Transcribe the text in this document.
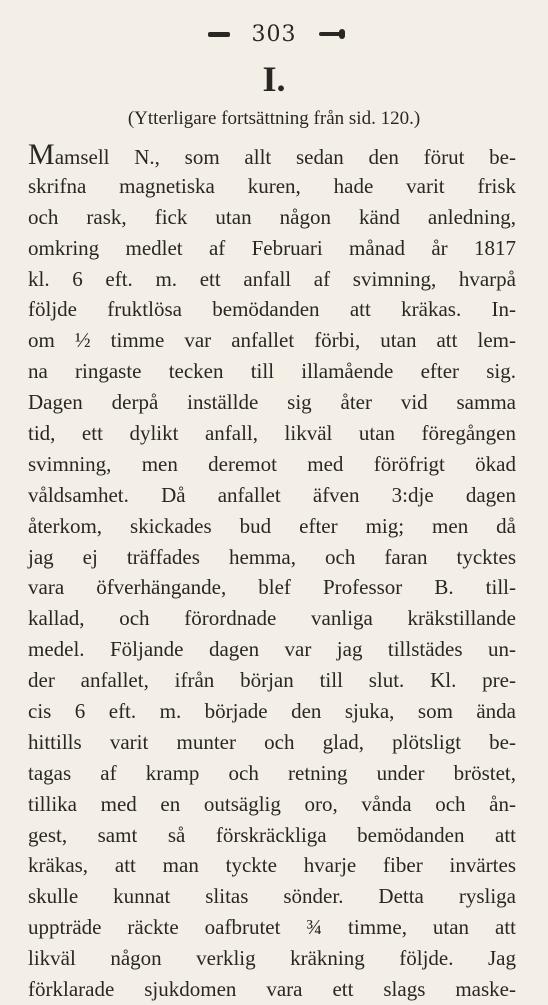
303
I.
(Ytterligare fortsättning från sid. 120.)
Mamsell N., som allt sedan den förut be-
skrifna magnetiska kuren, hade varit frisk
och rask, fick utan någon känd anledning,
omkring medlet af Februari månad år 1817
kl. 6 eft. m. ett anfall af svimning, hvarpå
följde fruktlösa bemödanden att kräkas. In-
om ½ timme var anfallet förbi, utan att lem-
na ringaste tecken till illamående efter sig.
Dagen derpå inställde sig åter vid samma
tid, ett dylikt anfall, likväl utan föregången
svimning, men deremot med föröfrigt ökad
våldsamhet. Då anfallet äfven 3:dje dagen
återkom, skickades bud efter mig; men då
jag ej träffades hemma, och faran tycktes
vara öfverhängande, blef Professor B. till-
kallad, och förordnade vanliga kräkstillande
medel. Följande dagen var jag tillstädes un-
der anfallet, ifrån början till slut. Kl. pre-
cis 6 eft. m. började den sjuka, som ända
hittills varit munter och glad, plötsligt be-
tagas af kramp och retning under bröstet,
tillika med en outsäglig oro, vånda och ån-
gest, samt så förskräckliga bemödanden att
kräkas, att man tyckte hvarje fiber invärtes
skulle kunnat slitas sönder. Detta rysliga
uppträde räckte oafbrutet ¾ timme, utan att
likväl någon verklig kräkning följde. Jag
förklarade sjukdomen vara ett slags maske-
